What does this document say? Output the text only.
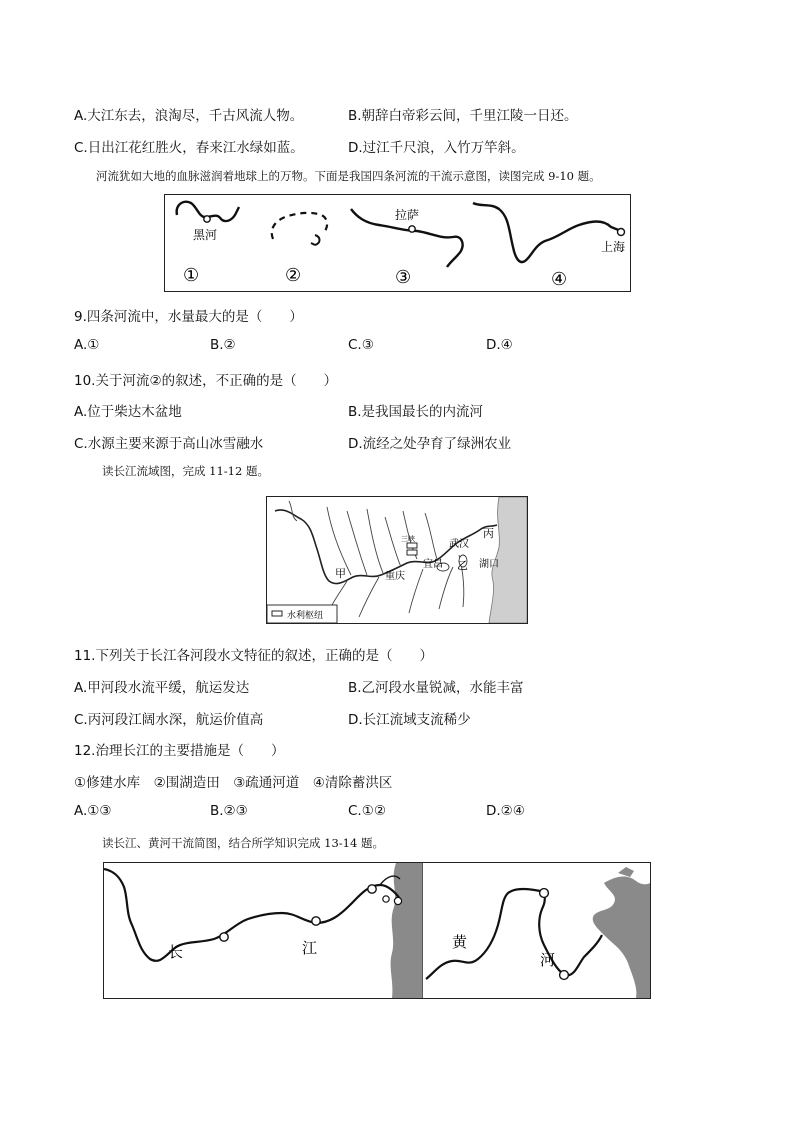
A.大江东去，浪淘尽，千古风流人物。	B.朝辞白帝彩云间，千里江陵一日还。
C.日出江花红胜火，春来江水绿如蓝。	D.过江千尺浪，入竹万竿斜。
河流犹如大地的血脉滋润着地球上的万物。下面是我国四条河流的干流示意图，读图完成 9-10 题。
黑河
①	②
拉萨
③
上海
④
9.四条河流中，水量最大的是（　　）
A.①	B.②	C.③	D.④
10.关于河流②的叙述，不正确的是（　　）
A.位于柴达木盆地	B.是我国最长的内流河
C.水源主要来源于高山冰雪融水	D.流经之处孕育了绿洲农业
读长江流域图，完成 11-12 题。
甲
乙
丙
三峡	武汉
宜昌
重庆
湖口
水利枢纽
11.下列关于长江各河段水文特征的叙述，正确的是（　　）
A.甲河段水流平缓，航运发达	B.乙河段水量锐减，水能丰富
C.丙河段江阔水深，航运价值高	D.长江流域支流稀少
12.治理长江的主要措施是（　　）
①修建水库　②围湖造田　③疏通河道　④清除蓄洪区
A.①③	B.②③	C.①②	D.②④
读长江、黄河干流简图，结合所学知识完成 13-14 题。
长	江	黄
河
